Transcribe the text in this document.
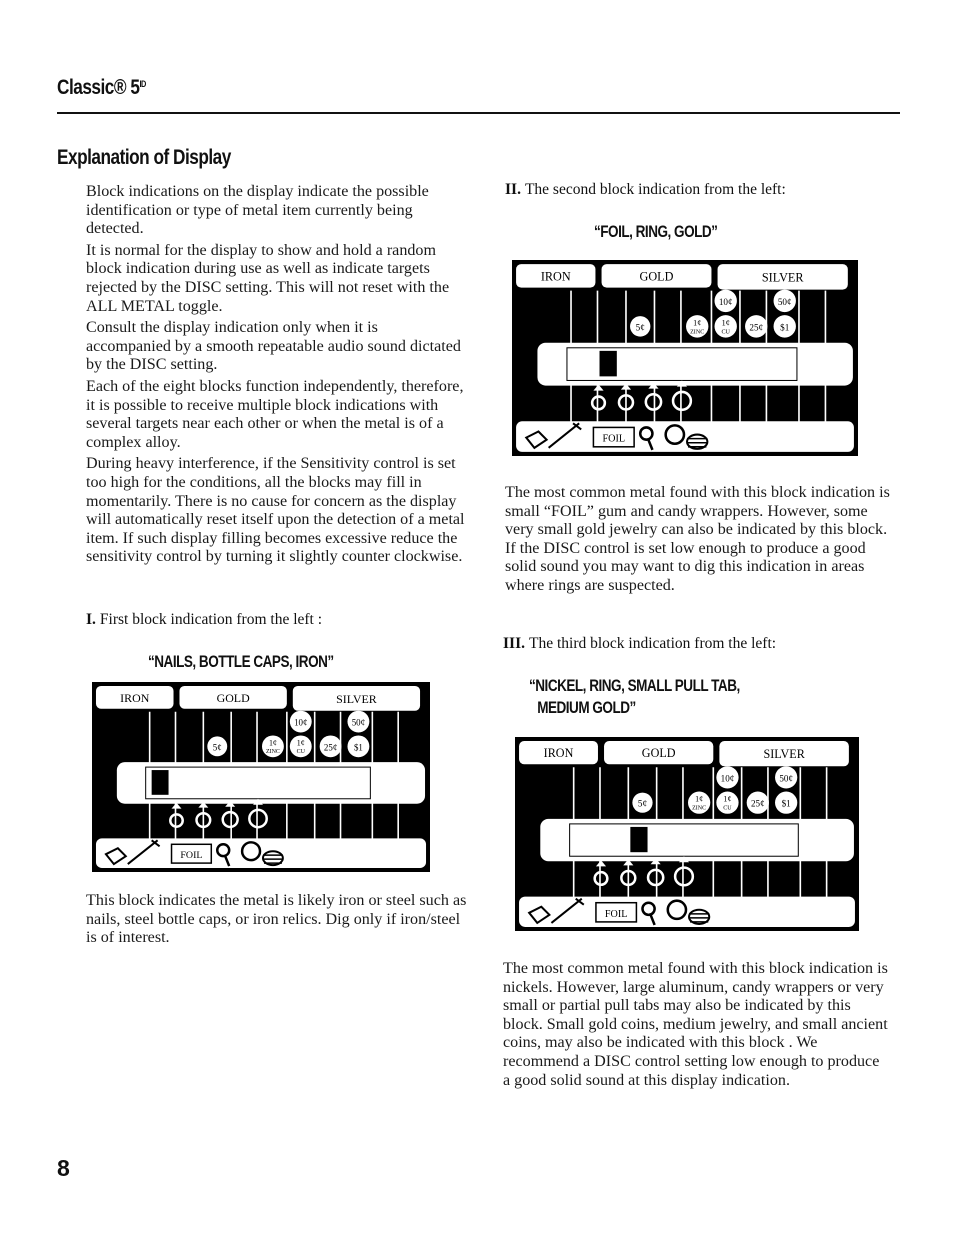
Classic® $5^{ID}$
Explanation of Display

Block indications on the display indicate the possible identification or type of metal item currently being detected.

It is normal for the display to show and hold a random block indication during use as well as indicate targets rejected by the DISC setting. This will not reset with the ALL METAL toggle.

Consult the display indication only when it is accompanied by a smooth repeatable audio sound dictated by the DISC setting.

Each of the eight blocks function independently, therefore, it is possible to receive multiple block indications with several targets near each other or when the metal is of a complex alloy.

During heavy interference, if the Sensitivity control is set too high for the conditions, all the blocks may fill in momentarily. There is no cause for concern as the display will automatically reset itself upon the detection of a metal item. If such display filling becomes excessive reduce the sensitivity control by turning it slightly counter clockwise.

I. First block indication from the left :
“NAILS, BOTTLE CAPS, IRON”
IRON	GOLD	SILVER
5¢	1¢
ZINC
10¢
1¢
CU 25¢
50¢
$1
FOIL
This block indicates the metal is likely iron or steel such as nails, steel bottle caps, or iron relics. Dig only if iron/steel is of interest.
II. The second block indication from the left:
“FOIL, RING, GOLD”
IRON	GOLD	SILVER
5¢	1¢
ZINC
10¢
1¢
CU
25¢
50¢
$1
FOIL
The most common metal found with this block indication is small “FOIL” gum and candy wrappers. However, some very small gold jewelry can also be indicated by this block. If the DISC control is set low enough to produce a good solid sound you may want to dig this indication in areas where rings are suspected.
III. The third block indication from the left:
“NICKEL, RING, SMALL PULL TAB,
MEDIUM GOLD”
IRON	GOLD	SILVER
5¢	1¢
ZINC
10¢
1¢
CU
25¢
50¢
$1
FOIL
The most common metal found with this block indication is nickels. However, large aluminum, candy wrappers or very small or partial pull tabs may also be indicated by this block. Small gold coins, medium jewelry, and small ancient coins, may also be indicated with this block . We recommend a DISC control setting low enough to produce a good solid sound at this display indication.
8
